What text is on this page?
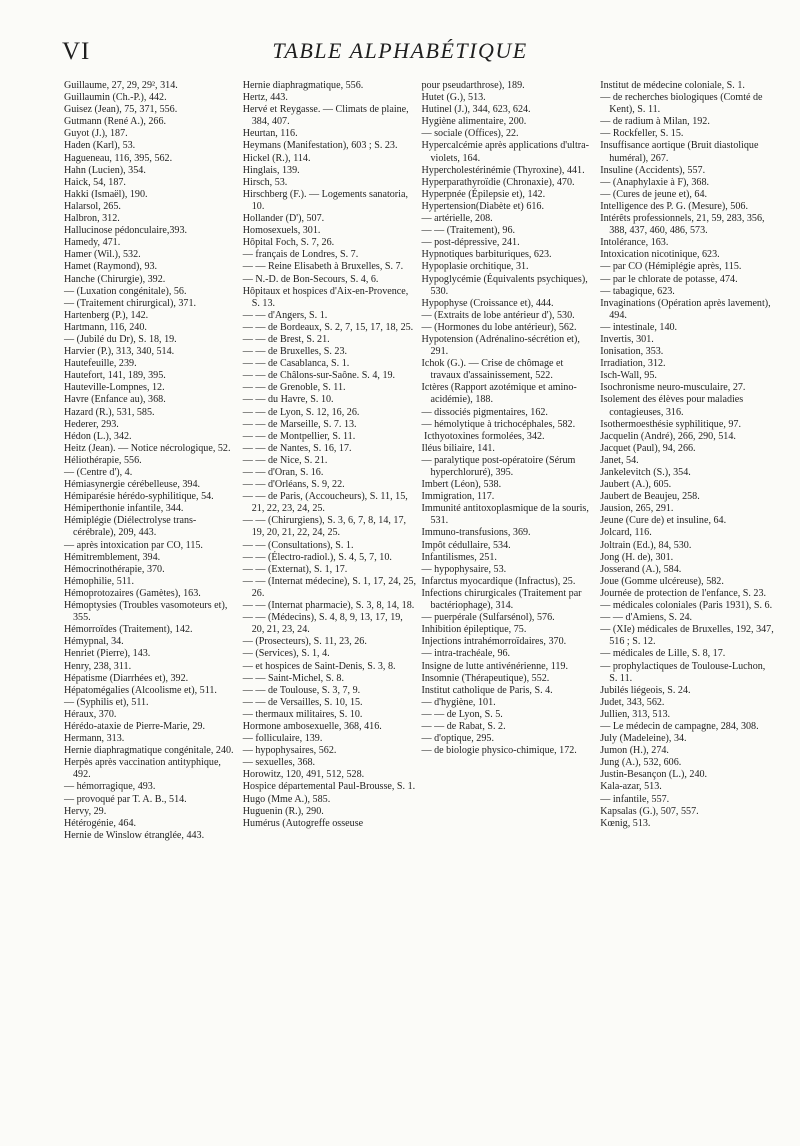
VI	TABLE ALPHABÉTIQUE
Guillaume, 27, 29, 29², 314.
Guillaumin (Ch.-P.), 442.
Guisez (Jean), 75, 371, 556.
Gutmann (René A.), 266.
Guyot (J.), 187.
Haden (Karl), 53.
Hagueneau, 116, 395, 562.
Hahn (Lucien), 354.
Haick, 54, 187.
Hakki (Ismaël), 190.
Halarsol, 265.
Halbron, 312.
Hallucinose pédonculaire,393.
Hamedy, 471.
Hamer (Wil.), 532.
Hamet (Raymond), 93.
Hanche (Chirurgie), 392.
— (Luxation congénitale), 56.
— (Traitement chirurgical), 371.
Hartenberg (P.), 142.
Hartmann, 116, 240.
— (Jubilé du Dr), S. 18, 19.
Harvier (P.), 313, 340, 514.
Hautefeuille, 239.
Hautefort, 141, 189, 395.
Hauteville-Lompnes, 12.
Havre (Enfance au), 368.
Hazard (R.), 531, 585.
Hederer, 293.
Hédon (L.), 342.
Heitz (Jean). — Notice nécrologique, 52.
Héliothérapie, 556.
— (Centre d'), 4.
Hémiasynergie cérébelleuse, 394.
Hémiparésie hérédo-syphilitique, 54.
Hémiperthonie infantile, 344.
Hémiplégie (Diélectrolyse trans-cérébrale), 209, 443.
— après intoxication par CO, 115.
Hémitremblement, 394.
Hémocrinothérapie, 370.
Hémophilie, 511.
Hémoprotozaires (Gamètes), 163.
Hémoptysies (Troubles vasomoteurs et), 355.
Hémorroïdes (Traitement), 142.
Hémypnal, 34.
Henriet (Pierre), 143.
Henry, 238, 311.
Hépatisme (Diarrhées et), 392.
Hépatomégalies (Alcoolisme et), 511.
— (Syphilis et), 511.
Héraux, 370.
Hérédo-ataxie de Pierre-Marie, 29.
Hermann, 313.
Hernie diaphragmatique congénitale, 240.
Herpès après vaccination antityphique, 492.
— hémorragique, 493.
— provoqué par T. A. B., 514.
Hervy, 29.
Hétérogénie, 464.
Hernie de Winslow étranglée, 443.
Hernie diaphragmatique, 556.
Hertz, 443.
Hervé et Reygasse. — Climats de plaine, 384, 407.
Heurtan, 116.
Heymans (Manifestation), 603 ; S. 23.
Hickel (R.), 114.
Hinglais, 139.
Hirsch, 53.
Hirschberg (F.). — Logements sanatoria, 10.
Hollander (D'), 507.
Homosexuels, 301.
Hôpital Foch, S. 7, 26.
— français de Londres, S. 7.
— — Reine Elisabeth à Bruxelles, S. 7.
— N.-D. de Bon-Secours, S. 4, 6.
Hôpitaux et hospices d'Aix-en-Provence, S. 13.
— — d'Angers, S. 1.
— — de Bordeaux, S. 2, 7, 15, 17, 18, 25.
— — de Brest, S. 21.
— — de Bruxelles, S. 23.
— — de Casablanca, S. 1.
— — de Châlons-sur-Saône. S. 4, 19.
— — de Grenoble, S. 11.
— — du Havre, S. 10.
— — de Lyon, S. 12, 16, 26.
— — de Marseille, S. 7. 13.
— — de Montpellier, S. 11.
— — de Nantes, S. 16, 17.
— — de Nice, S. 21.
— — d'Oran, S. 16.
— — d'Orléans, S. 9, 22.
— — de Paris, (Accoucheurs), S. 11, 15, 21, 22, 23, 24, 25.
— — (Chirurgiens), S. 3, 6, 7, 8, 14, 17, 19, 20, 21, 22, 24, 25.
— — (Consultations), S. 1.
— — (Électro-radiol.), S. 4, 5, 7, 10.
— — (Externat), S. 1, 17.
— — (Internat médecine), S. 1, 17, 24, 25, 26.
— — (Internat pharmacie), S. 3, 8, 14, 18.
— — (Médecins), S. 4, 8, 9, 13, 17, 19, 20, 21, 23, 24.
— (Prosecteurs), S. 11, 23, 26.
— (Services), S. 1, 4.
— et hospices de Saint-Denis, S. 3, 8.
— — Saint-Michel, S. 8.
— — de Toulouse, S. 3, 7, 9.
— — de Versailles, S. 10, 15.
— thermaux militaires, S. 10.
Hormone ambosexuelle, 368, 416.
— folliculaire, 139.
— hypophysaires, 562.
— sexuelles, 368.
Horowitz, 120, 491, 512, 528.
Hospice départemental Paul-Brousse, S. 1.
Hugo (Mme A.), 585.
Huguenin (R.), 290.
Humérus (Autogreffe osseuse
pour pseudarthrose), 189.
Hutet (G.), 513.
Hutinel (J.), 344, 623, 624.
Hygiène alimentaire, 200.
— sociale (Offices), 22.
Hypercalcémie après applications d'ultra-violets, 164.
Hypercholestérinémie (Thyroxine), 441.
Hyperparathyroïdie (Chronaxie), 470.
Hyperpnée (Épilepsie et), 142.
Hypertension(Diabète et) 616.
— artérielle, 208.
— — (Traitement), 96.
— post-dépressive, 241.
Hypnotiques barbituriques, 623.
Hypoplasie orchitique, 31.
Hypoglycémie (Équivalents psychiques), 530.
Hypophyse (Croissance et), 444.
— (Extraits de lobe antérieur d'), 530.
— (Hormones du lobe antérieur), 562.
Hypotension (Adrénalino-sécrétion et), 291.
Ichok (G.). — Crise de chômage et travaux d'assainissement, 522.
Ictères (Rapport azotémique et amino-acidémie), 188.
— dissociés pigmentaires, 162.
— hémolytique à trichocéphales, 582.
Icthyotoxines formolées, 342.
Iléus biliaire, 141.
— paralytique post-opératoire (Sérum hyperchloruré), 395.
Imbert (Léon), 538.
Immigration, 117.
Immunité antitoxoplasmique de la souris, 531.
Immuno-transfusions, 369.
Impôt cédullaire, 534.
Infantilismes, 251.
— hypophysaire, 53.
Infarctus myocardique (Infractus), 25.
Infections chirurgicales (Traitement par bactériophage), 314.
— puerpérale (Sulfarsénol), 576.
Inhibition épileptique, 75.
Injections intrahémorroïdaires, 370.
— intra-trachéale, 96.
Insigne de lutte antivénérienne, 119.
Insomnie (Thérapeutique), 552.
Institut catholique de Paris, S. 4.
— d'hygiène, 101.
— — de Lyon, S. 5.
— — de Rabat, S. 2.
— d'optique, 295.
— de biologie physico-chimique, 172.
Institut de médecine coloniale, S. 1.
— de recherches biologiques (Comté de Kent), S. 11.
— de radium à Milan, 192.
— Rockfeller, S. 15.
Insuffisance aortique (Bruit diastolique huméral), 267.
Insuline (Accidents), 557.
— (Anaphylaxie à F), 368.
— (Cures de jeune et), 64.
Intelligence des P. G. (Mesure), 506.
Intérêts professionnels, 21, 59, 283, 356, 388, 437, 460, 486, 573.
Intolérance, 163.
Intoxication nicotinique, 623.
— par CO (Hémiplégie après, 115.
— par le chlorate de potasse, 474.
— tabagique, 623.
Invaginations (Opération après lavement), 494.
— intestinale, 140.
Invertis, 301.
Ionisation, 353.
Irradiation, 312.
Isch-Wall, 95.
Isochronisme neuro-musculaire, 27.
Isolement des élèves pour maladies contagieuses, 316.
Isothermoesthésie syphilitique, 97.
Jacquelin (André), 266, 290, 514.
Jacquet (Paul), 94, 266.
Janet, 54.
Jankelevitch (S.), 354.
Jaubert (A.), 605.
Jaubert de Beaujeu, 258.
Jausion, 265, 291.
Jeune (Cure de) et insuline, 64.
Jolcard, 116.
Joltrain (Ed.), 84, 530.
Jong (H. de), 301.
Josserand (A.), 584.
Joue (Gomme ulcéreuse), 582.
Journée de protection de l'enfance, S. 23.
— médicales coloniales (Paris 1931), S. 6.
— — d'Amiens, S. 24.
— (XIe) médicales de Bruxelles, 192, 347, 516 ; S. 12.
— médicales de Lille, S. 8, 17.
— prophylactiques de Toulouse-Luchon, S. 11.
Jubilés liégeois, S. 24.
Judet, 343, 562.
Jullien, 313, 513.
— Le médecin de campagne, 284, 308.
July (Madeleine), 34.
Jumon (H.), 274.
Jung (A.), 532, 606.
Justin-Besançon (L.), 240.
Kala-azar, 513.
— infantile, 557.
Kapsalas (G.), 507, 557.
Kœnig, 513.
